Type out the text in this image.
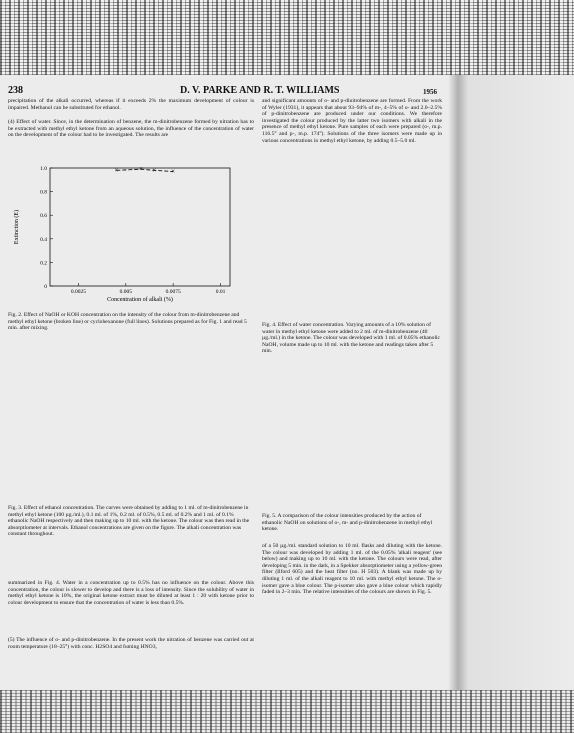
238	D. V. PARKE AND R. T. WILLIAMS	1956
precipitation of the alkali occurred, whereas if it exceeds 2% the maximum development of colour is impaired. Methanol can be substituted for ethanol.
(4) Effect of water. Since, in the determination of benzene, the m-dinitrobenzene formed by nitration has to be extracted with methyl ethyl ketone from an aqueous solution, the influence of the concentration of water on the development of the colour had to be investigated. The results are
0
0.2
0.4
0.6
0.8
1.0
0.0025	0.005	0.0075	0.01
Concentration of alkali (%)
Extinction (E)
×	× × ×
Fig. 2. Effect of NaOH or KOH concentration on the intensity of the colour from m-dinitrobenzene and methyl ethyl ketone (broken line) or cyclohexanone (full lines). Solutions prepared as for Fig. 1 and read 5 min. after mixing.
Fig. 3. Effect of ethanol concentration. The curves were obtained by adding to 1 ml. of m-dinitrobenzene in methyl ethyl ketone (100 µg./ml.), 0.1 ml. of 1%, 0.2 ml. of 0.5%, 0.5 ml. of 0.2% and 1 ml. of 0.1% ethanolic NaOH respectively and then making up to 10 ml. with the ketone. The colour was then read in the absorptiometer at intervals. Ethanol concentrations are given on the figure. The alkali concentration was constant throughout.
summarized in Fig. 4. Water in a concentration up to 0.5% has no influence on the colour. Above this concentration, the colour is slower to develop and there is a loss of intensity. Since the solubility of water in methyl ethyl ketone is 10%, the original ketone extract must be diluted at least 1 : 20 with ketone prior to colour development to ensure that the concentration of water is less than 0.5%.
(5) The influence of o- and p-dinitrobenzene. In the present work the nitration of benzene was carried out at room temperature (18–25°) with conc. H2SO4 and fuming HNO3,
and significant amounts of o- and p-dinitrobenzene are formed. From the work of Wyler (1931), it appears that about 93–94% of m-, 4–5% of o- and 2.0–2.5% of p-dinitrobenzene are produced under our conditions. We therefore investigated the colour produced by the latter two isomers with alkali in the presence of methyl ethyl ketone. Pure samples of each were prepared (o-, m.p. 116.5° and p-, m.p. 174°). Solutions of the three isomers were made up in various concentrations in methyl ethyl ketone, by adding 0.5–5.0 ml.
Fig. 4. Effect of water concentration. Varying amounts of a 10% solution of water in methyl ethyl ketone were added to 2 ml. of m-dinitrobenzene (40 µg./ml.) in the ketone. The colour was developed with 1 ml. of 0.05% ethanolic NaOH, volume made up to 10 ml. with the ketone and readings taken after 5 min.
Fig. 5. A comparison of the colour intensities produced by the action of ethanolic NaOH on solutions of o-, m- and p-dinitrobenzene in methyl ethyl ketone.
of a 50 µg./ml. standard solution to 10 ml. flasks and diluting with the ketone. The colour was developed by adding 1 ml. of the 0.05% 'alkali reagent' (see below) and making up to 10 ml. with the ketone. The colours were read, after developing 5 min. in the dark, in a Spekker absorptiometer using a yellow-green filter (Ilford 605) and the heat filter (no. H 503). A blank was made up by diluting 1 ml. of the alkali reagent to 10 ml. with methyl ethyl ketone. The o-isomer gave a blue colour. The p-isomer also gave a blue colour which rapidly faded in 2–3 min. The relative intensities of the colours are shown in Fig. 5.
